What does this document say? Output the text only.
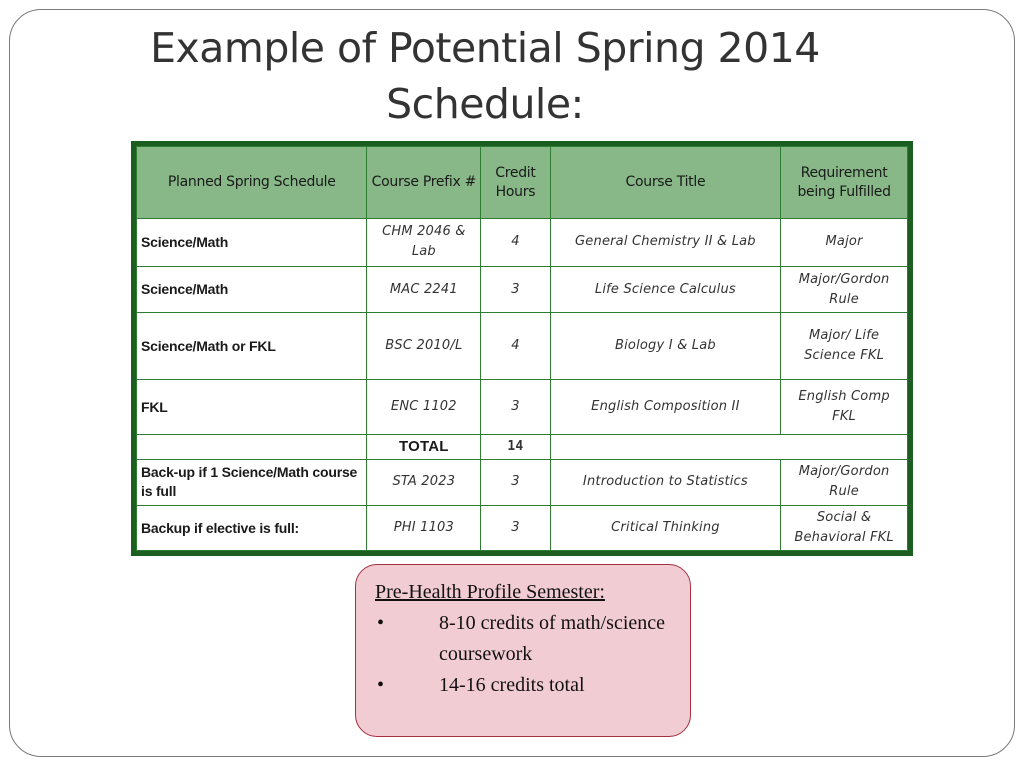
Example of Potential Spring 2014
Schedule:
Planned Spring Schedule	Course Prefix #	Credit Hours	Course Title	Requirement being Fulfilled
Science/Math	CHM 2046 & Lab	4	General Chemistry II & Lab	Major
Science/Math	MAC 2241	3	Life Science Calculus	Major/Gordon Rule
Science/Math or FKL	BSC 2010/L	4	Biology I & Lab	Major/ Life Science FKL
FKL	ENC 1102	3	English Composition II	English Comp FKL
	TOTAL	14		
Back-up if 1 Science/Math course is full	STA 2023	3	Introduction to Statistics	Major/Gordon Rule
Backup if elective is full:	PHI 1103	3	Critical Thinking	Social & Behavioral FKL
Pre-Health Profile Semester:
•	8-10 credits of math/science coursework
•	14-16 credits total
